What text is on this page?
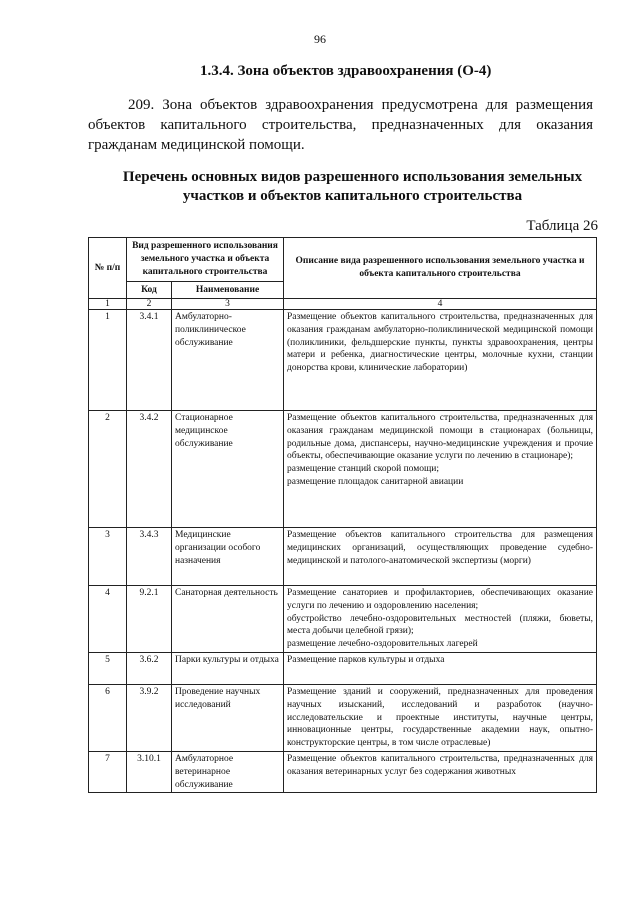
96
1.3.4. Зона объектов здравоохранения (О-4)

209. Зона объектов здравоохранения предусмотрена для размещения объектов капитального строительства, предназначенных для оказания гражданам медицинской помощи.

Перечень основных видов разрешенного использования земельных
участков и объектов капитального строительства
Таблица 26
№ п/п	Вид разрешенного использования земельного участка и объекта капитального строительства		Описание вида разрешенного использования земельного участка и объекта капитального строительства
	Код	Наименование	
1	2	3	4
1	3.4.1	Амбулаторно-поликлиническое обслуживание	Размещение объектов капитального строительства, предназначенных для оказания гражданам амбулаторно-поликлинической медицинской помощи (поликлиники, фельдшерские пункты, пункты здравоохранения, центры матери и ребенка, диагностические центры, молочные кухни, станции донорства крови, клинические лаборатории)

2	3.4.2	Стационарное медицинское обслуживание	Размещение объектов капитального строительства, предназначенных для оказания гражданам медицинской помощи в стационарах (больницы, родильные дома, диспансеры, научно-медицинские учреждения и прочие объекты, обеспечивающие оказание услуги по лечению в стационаре);
размещение станций скорой помощи;
размещение площадок санитарной авиации

3	3.4.3	Медицинские организации особого назначения	Размещение объектов капитального строительства для размещения медицинских организаций, осуществляющих проведение судебно-медицинской и патолого-анатомической экспертизы (морги)

4	9.2.1	Санаторная деятельность	Размещение санаториев и профилакториев, обеспечивающих оказание услуги по лечению и оздоровлению населения;
обустройство лечебно-оздоровительных местностей (пляжи, бюветы, места добычи целебной грязи);
размещение лечебно-оздоровительных лагерей

5	3.6.2	Парки культуры и отдыха	Размещение парков культуры и отдыха

6	3.9.2	Проведение научных исследований	Размещение зданий и сооружений, предназначенных для проведения научных изысканий, исследований и разработок (научно-исследовательские и проектные институты, научные центры, инновационные центры, государственные академии наук, опытно-конструкторские центры, в том числе отраслевые)

7	3.10.1	Амбулаторное ветеринарное обслуживание	Размещение объектов капитального строительства, предназначенных для оказания ветеринарных услуг без содержания животных
